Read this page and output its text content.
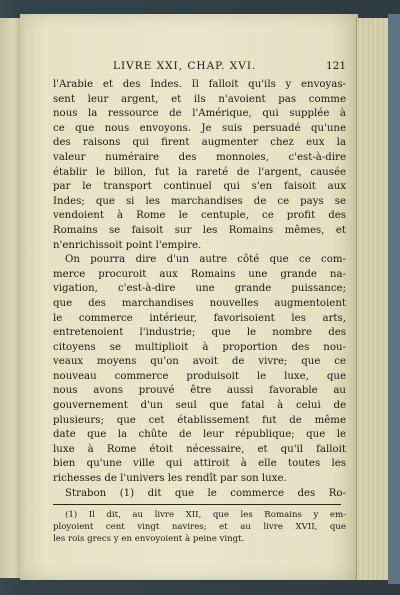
LIVRE XXI, CHAP. XVI.	121
l'Arabie et des Indes. Il falloit qu'ils y envoyas-
sent leur argent, et ils n'avoient pas comme
nous la ressource de l'Amérique, qui supplée à
ce que nous envoyons. Je suis persuadé qu'une
des raisons qui firent augmenter chez eux la
valeur numéraire des monnoies, c'est-à-dire
établir le billon, fut la rareté de l'argent, causée
par le transport continuel qui s'en faisoit aux
Indes; que si les marchandises de ce pays se
vendoient à Rome le centuple, ce profit des
Romains se faisoit sur les Romains mêmes, et
n'enrichissoit point l'empire.
On pourra dire d'un autre côté que ce com-
merce procuroit aux Romains une grande na-
vigation, c'est-à-dire une grande puissance;
que des marchandises nouvelles augmentoient
le commerce intérieur, favorisoient les arts,
entretenoient l'industrie; que le nombre des
citoyens se multiplioit à proportion des nou-
veaux moyens qu'on avoit de vivre; que ce
nouveau commerce produisoit le luxe, que
nous avons prouvé être aussi favorable au
gouvernement d'un seul que fatal à celui de
plusieurs; que cet établissement fut de même
date que la chûte de leur république; que le
luxe à Rome étoit nécessaire, et qu'il falloit
bien qu'une ville qui attiroit à elle toutes les
richesses de l'univers les rendît par son luxe.
Strabon (1) dit que le commerce des Ro-
(1) Il dit, au livre XII, que les Romains y em-
ployoient cent vingt navires; et au livre XVII, que
les rois grecs y en envoyoient à peine vingt.
